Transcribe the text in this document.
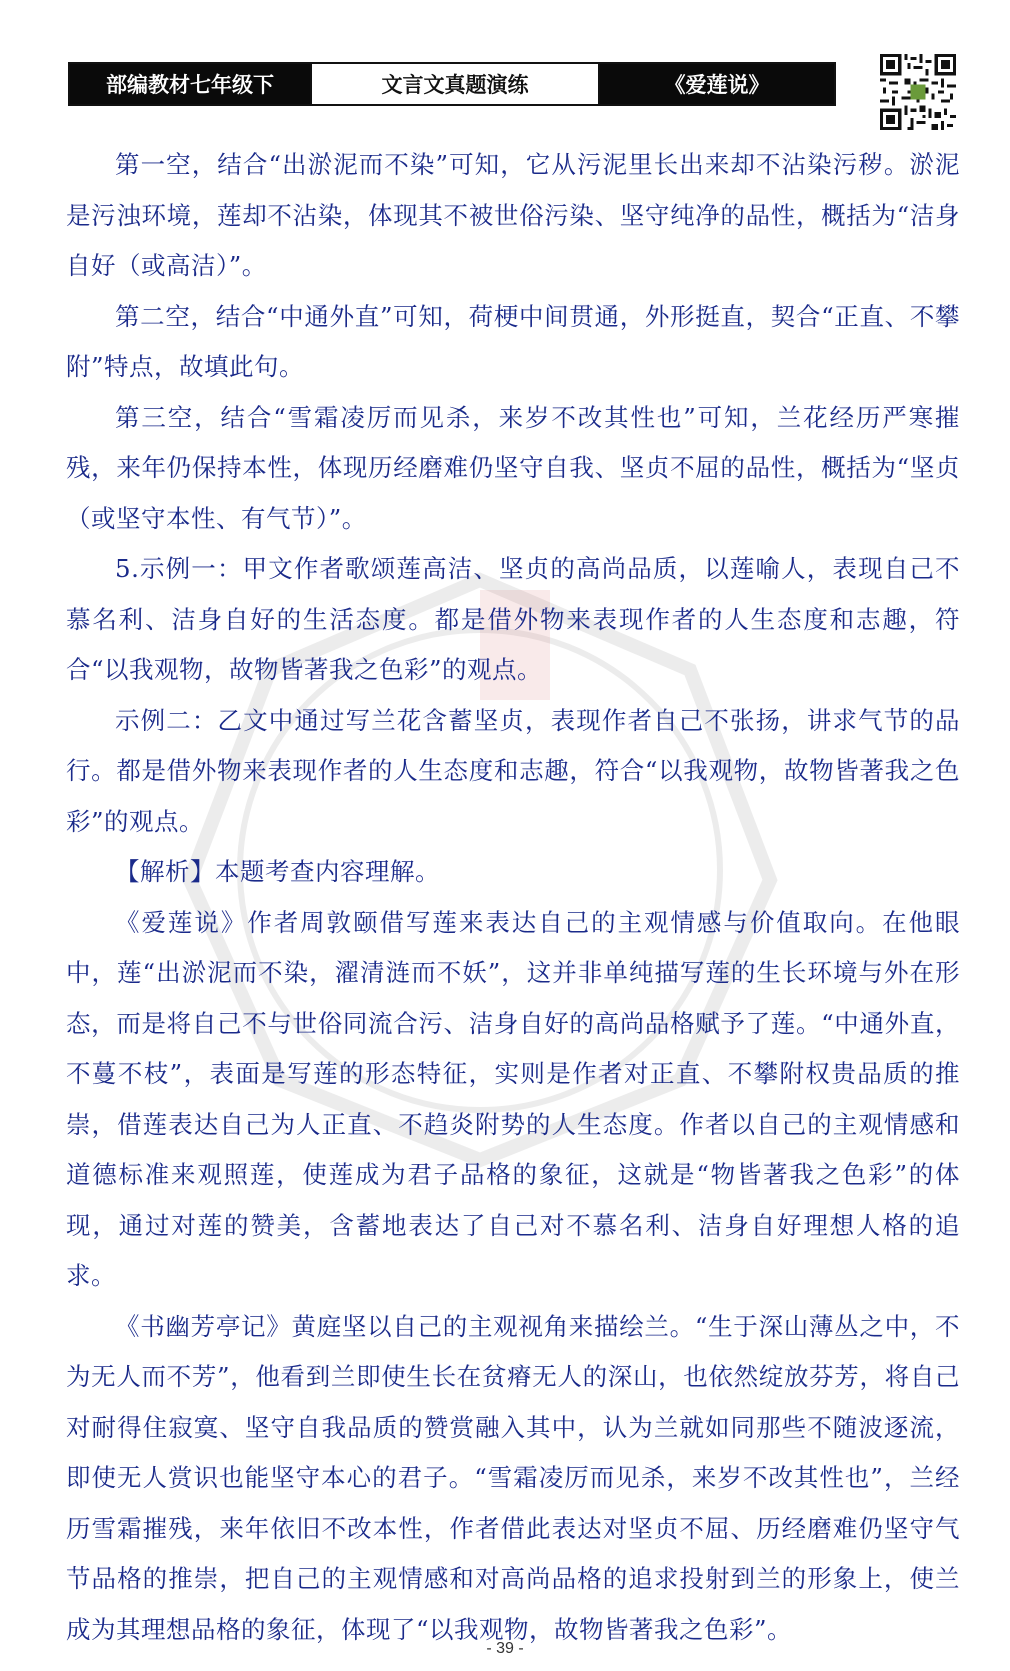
部编教材七年级下	文言文真题演练	《爱莲说》

第一空，结合“出淤泥而不染”可知，它从污泥里长出来却不沾染污秽。淤泥是污浊环境，莲却不沾染，体现其不被世俗污染、坚守纯净的品性，概括为“洁身自好（或高洁）”。

第二空，结合“中通外直”可知，荷梗中间贯通，外形挺直，契合“正直、不攀附”特点，故填此句。

第三空，结合“雪霜凌厉而见杀，来岁不改其性也”可知，兰花经历严寒摧残，来年仍保持本性，体现历经磨难仍坚守自我、坚贞不屈的品性，概括为“坚贞（或坚守本性、有气节）”。

5.示例一：甲文作者歌颂莲高洁、坚贞的高尚品质，以莲喻人，表现自己不慕名利、洁身自好的生活态度。都是借外物来表现作者的人生态度和志趣，符合“以我观物，故物皆著我之色彩”的观点。

示例二：乙文中通过写兰花含蓄坚贞，表现作者自己不张扬，讲求气节的品行。都是借外物来表现作者的人生态度和志趣，符合“以我观物，故物皆著我之色彩”的观点。

【解析】本题考查内容理解。

《爱莲说》作者周敦颐借写莲来表达自己的主观情感与价值取向。在他眼中，莲“出淤泥而不染，濯清涟而不妖”，这并非单纯描写莲的生长环境与外在形态，而是将自己不与世俗同流合污、洁身自好的高尚品格赋予了莲。“中通外直，不蔓不枝”，表面是写莲的形态特征，实则是作者对正直、不攀附权贵品质的推崇，借莲表达自己为人正直、不趋炎附势的人生态度。作者以自己的主观情感和道德标准来观照莲，使莲成为君子品格的象征，这就是“物皆著我之色彩”的体现，通过对莲的赞美，含蓄地表达了自己对不慕名利、洁身自好理想人格的追求。

《书幽芳亭记》黄庭坚以自己的主观视角来描绘兰。“生于深山薄丛之中，不为无人而不芳”，他看到兰即使生长在贫瘠无人的深山，也依然绽放芬芳，将自己对耐得住寂寞、坚守自我品质的赞赏融入其中，认为兰就如同那些不随波逐流，即使无人赏识也能坚守本心的君子。“雪霜凌厉而见杀，来岁不改其性也”，兰经历雪霜摧残，来年依旧不改本性，作者借此表达对坚贞不屈、历经磨难仍坚守气节品格的推崇，把自己的主观情感和对高尚品格的追求投射到兰的形象上，使兰成为其理想品格的象征，体现了“以我观物，故物皆著我之色彩”。

- 39 -
